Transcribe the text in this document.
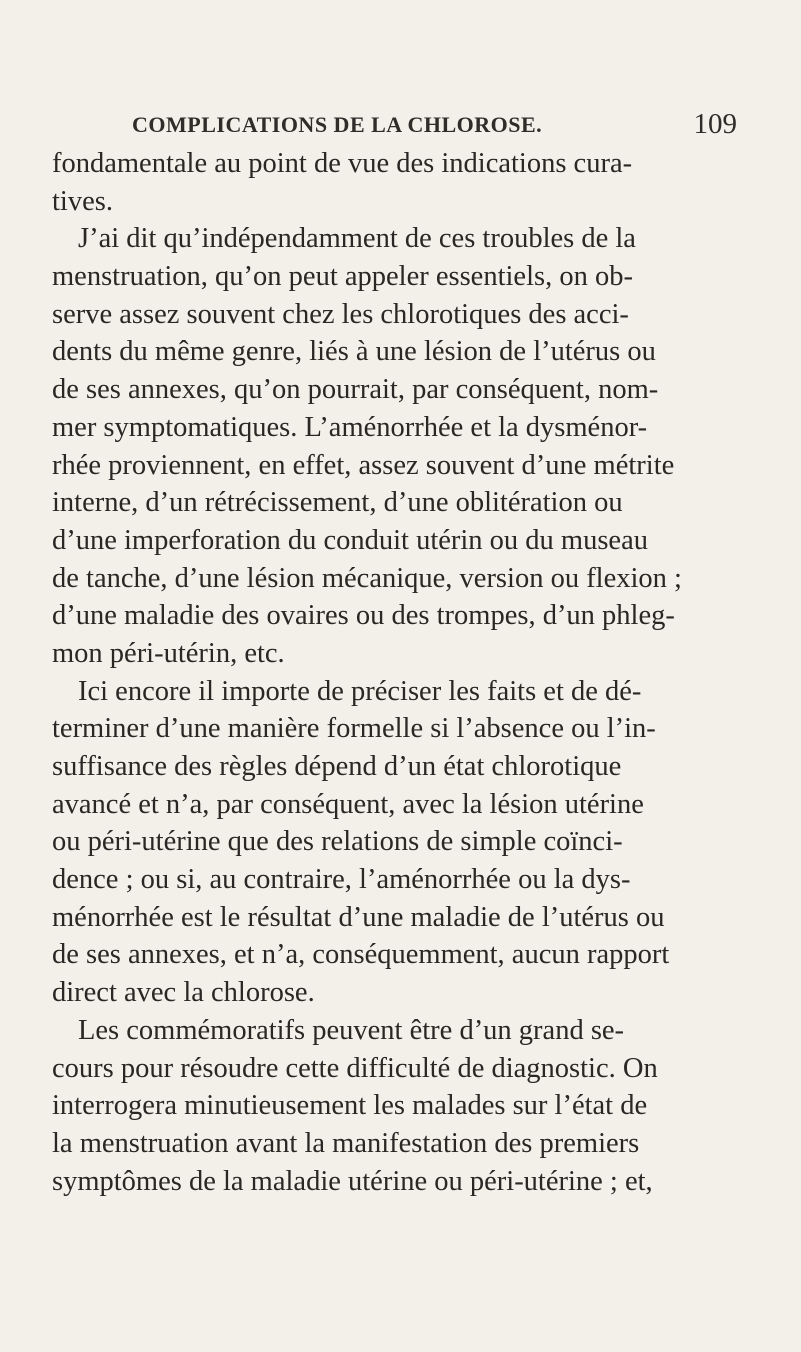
COMPLICATIONS DE LA CHLOROSE.	109
fondamentale au point de vue des indications cura-
tives.
J’ai dit qu’indépendamment de ces troubles de la
menstruation, qu’on peut appeler essentiels, on ob-
serve assez souvent chez les chlorotiques des acci-
dents du même genre, liés à une lésion de l’utérus ou
de ses annexes, qu’on pourrait, par conséquent, nom-
mer symptomatiques. L’aménorrhée et la dysménor-
rhée proviennent, en effet, assez souvent d’une métrite
interne, d’un rétrécissement, d’une oblitération ou
d’une imperforation du conduit utérin ou du museau
de tanche, d’une lésion mécanique, version ou flexion ;
d’une maladie des ovaires ou des trompes, d’un phleg-
mon péri-utérin, etc.
Ici encore il importe de préciser les faits et de dé-
terminer d’une manière formelle si l’absence ou l’in-
suffisance des règles dépend d’un état chlorotique
avancé et n’a, par conséquent, avec la lésion utérine
ou péri-utérine que des relations de simple coïnci-
dence ; ou si, au contraire, l’aménorrhée ou la dys-
ménorrhée est le résultat d’une maladie de l’utérus ou
de ses annexes, et n’a, conséquemment, aucun rapport
direct avec la chlorose.
Les commémoratifs peuvent être d’un grand se-
cours pour résoudre cette difficulté de diagnostic. On
interrogera minutieusement les malades sur l’état de
la menstruation avant la manifestation des premiers
symptômes de la maladie utérine ou péri-utérine ; et,
